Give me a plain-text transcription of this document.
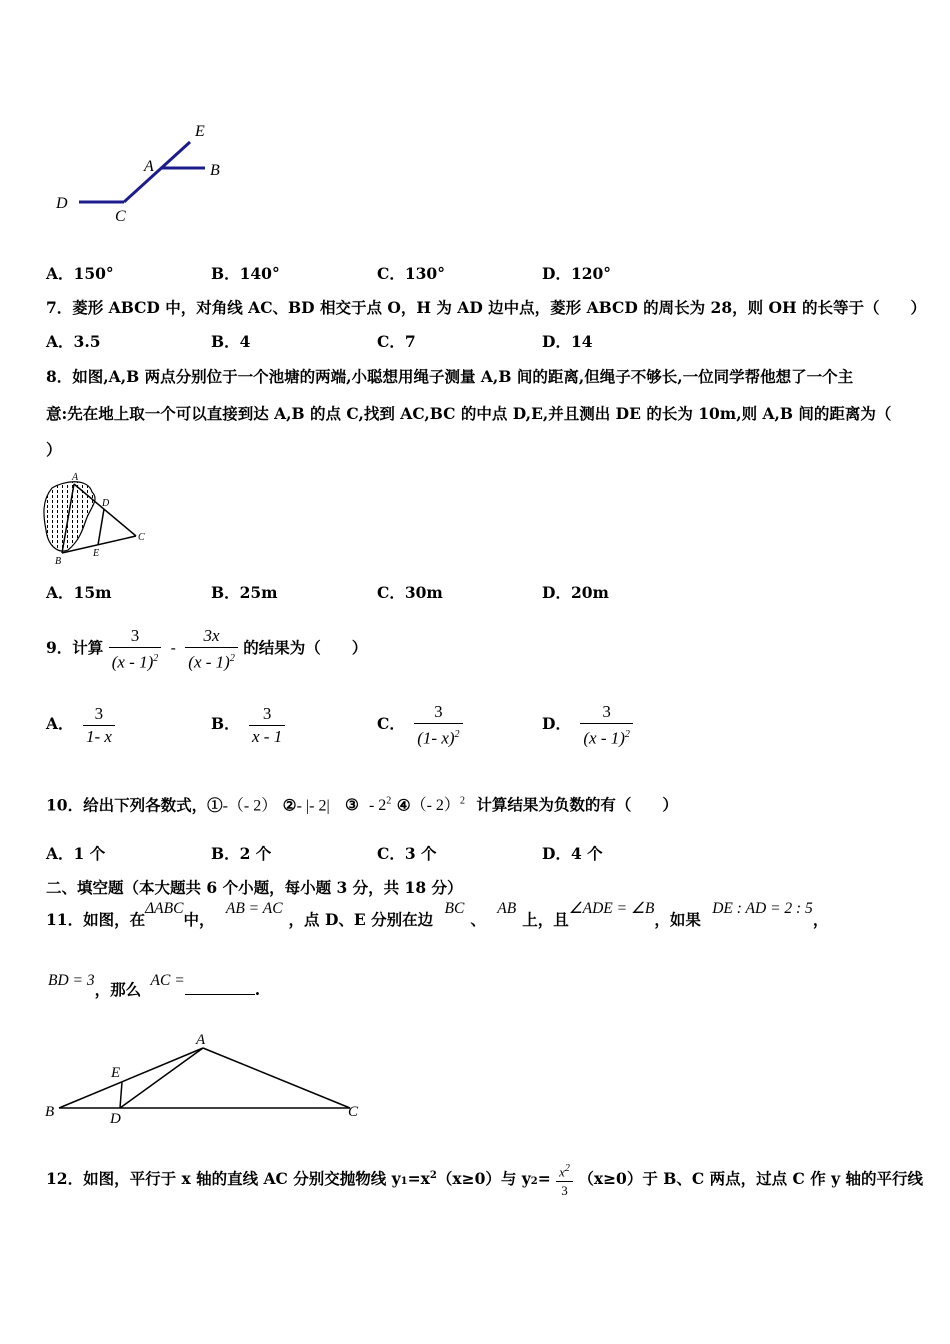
E
A	B
D
C
A．150°	B．140°	C．130°	D．120°
7．菱形 ABCD 中，对角线 AC、BD 相交于点 O，H 为 AD 边中点，菱形 ABCD 的周长为 28，则 OH 的长等于（　　）
A．3.5	B．4	C．7	D．14
8．如图,A,B 两点分别位于一个池塘的两端,小聪想用绳子测量 A,B 间的距离,但绳子不够长,一位同学帮他想了一个主
意:先在地上取一个可以直接到达 A,B 的点 C,找到 AC,BC 的中点 D,E,并且测出 DE 的长为 10m,则 A,B 间的距离为（
）
A
D
C
E
B
A．15m	B．25m	C．30m	D．20m
9．计算 $\frac{3}{(x - 1)^2} - \frac{3x}{(x - 1)^2}$ 的结果为（　　）
A． $\frac{3}{1- x}$	B． $\frac{3}{x - 1}$	C． $\frac{3}{(1- x)^2}$	D． $\frac{3}{(x - 1)^2}$
10．给出下列各数式，①-（- 2） ②- |- 2| ③ - $2^2$ ④（- 2）$^2$ 计算结果为负数的有（　　）
A．1 个	B．2 个	C．3 个	D．4 个
二、填空题（本大题共 6 个小题，每小题 3 分，共 18 分）
11．如图，在ΔABC中， AB = AC，点 D、E 分别在边 BC、 AB上，且∠ADE = ∠B，如果 DE : AD = 2 : 5，
BD = 3，那么 AC =	.
A
E
B	D	C
12．如图，平行于 x 轴的直线 AC 分别交抛物线 $y1=x^2(x\ge 0)$与 $y2= \frac{x^2}{3} (x\ge 0)$于 B、C 两点，过点 C 作 y 轴的平行线
